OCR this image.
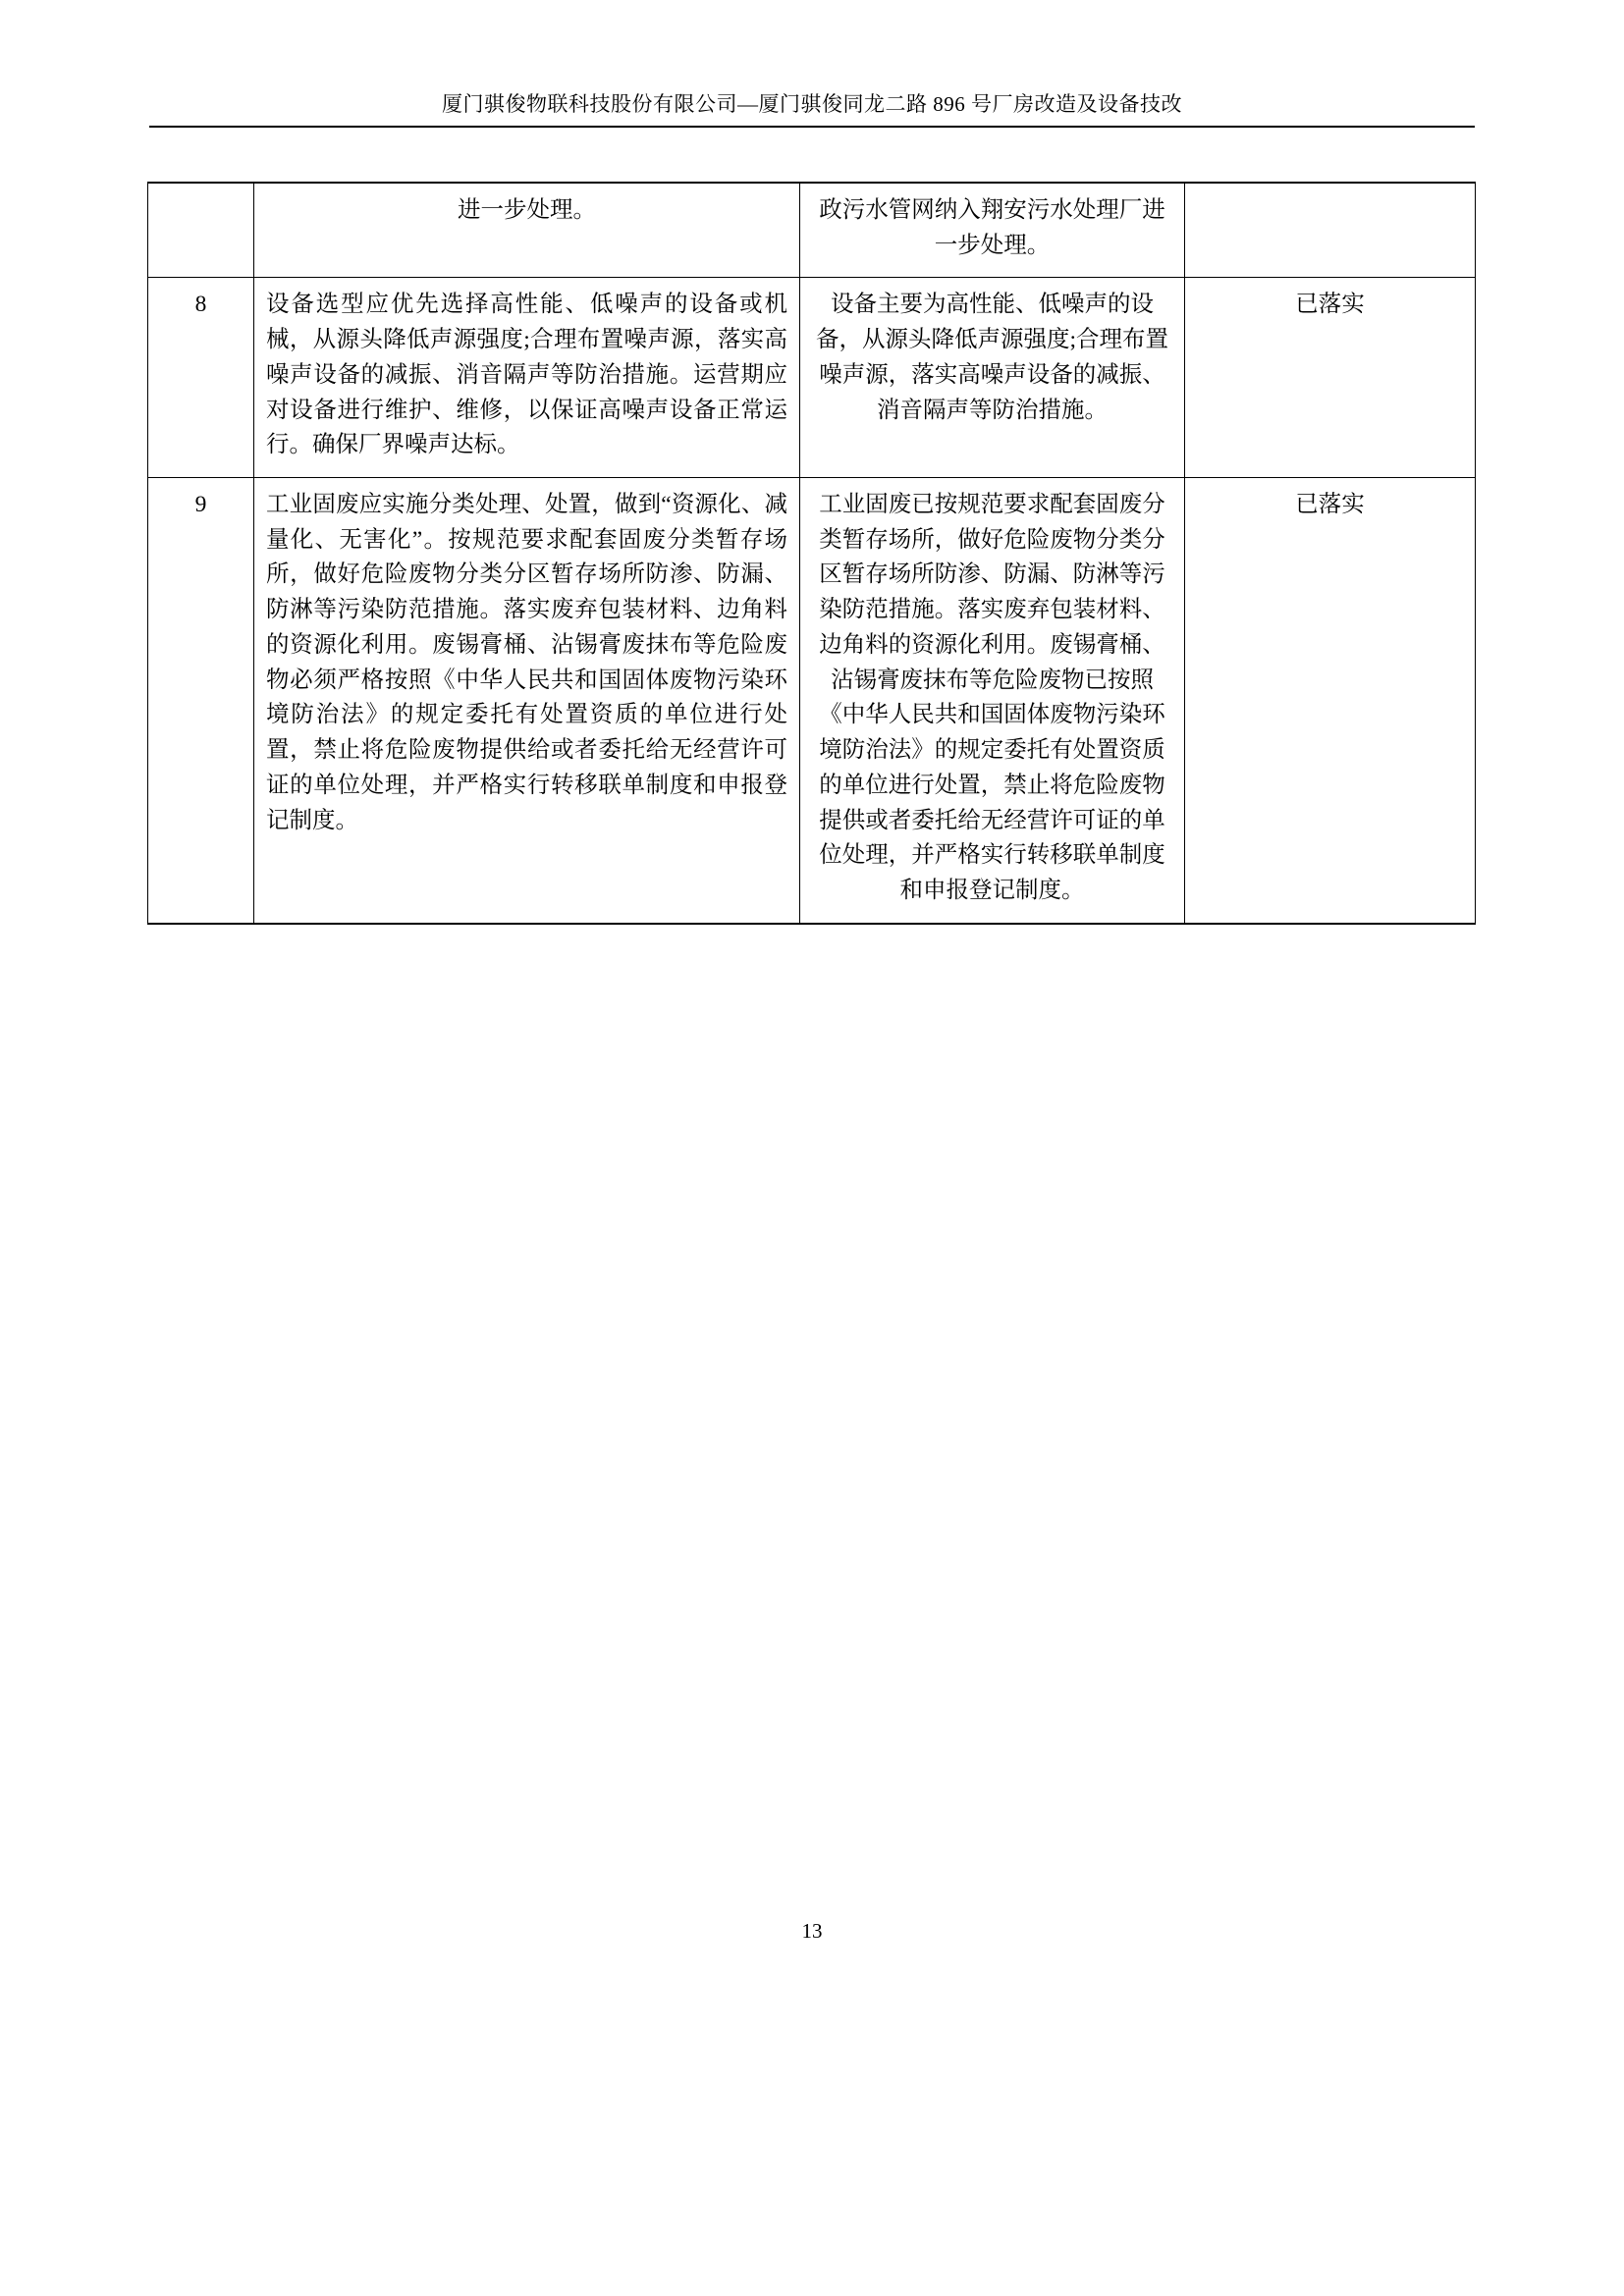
厦门骐俊物联科技股份有限公司—厦门骐俊同龙二路 896 号厂房改造及设备技改
	进一步处理。	政污水管网纳入翔安污水处理厂进一步处理。	
8	设备选型应优先选择高性能、低噪声的设备或机械，从源头降低声源强度;合理布置噪声源，落实高噪声设备的减振、消音隔声等防治措施。运营期应对设备进行维护、维修，以保证高噪声设备正常运行。确保厂界噪声达标。	设备主要为高性能、低噪声的设备，从源头降低声源强度;合理布置噪声源，落实高噪声设备的减振、消音隔声等防治措施。	已落实
9	工业固废应实施分类处理、处置，做到“资源化、减量化、无害化”。按规范要求配套固废分类暂存场所，做好危险废物分类分区暂存场所防渗、防漏、防淋等污染防范措施。落实废弃包装材料、边角料的资源化利用。废锡膏桶、沾锡膏废抹布等危险废物必须严格按照《中华人民共和国固体废物污染环境防治法》的规定委托有处置资质的单位进行处置，禁止将危险废物提供给或者委托给无经营许可证的单位处理，并严格实行转移联单制度和申报登记制度。	工业固废已按规范要求配套固废分类暂存场所，做好危险废物分类分区暂存场所防渗、防漏、防淋等污染防范措施。落实废弃包装材料、边角料的资源化利用。废锡膏桶、沾锡膏废抹布等危险废物已按照《中华人民共和国固体废物污染环境防治法》的规定委托有处置资质的单位进行处置，禁止将危险废物提供或者委托给无经营许可证的单位处理，并严格实行转移联单制度和申报登记制度。	已落实
13
